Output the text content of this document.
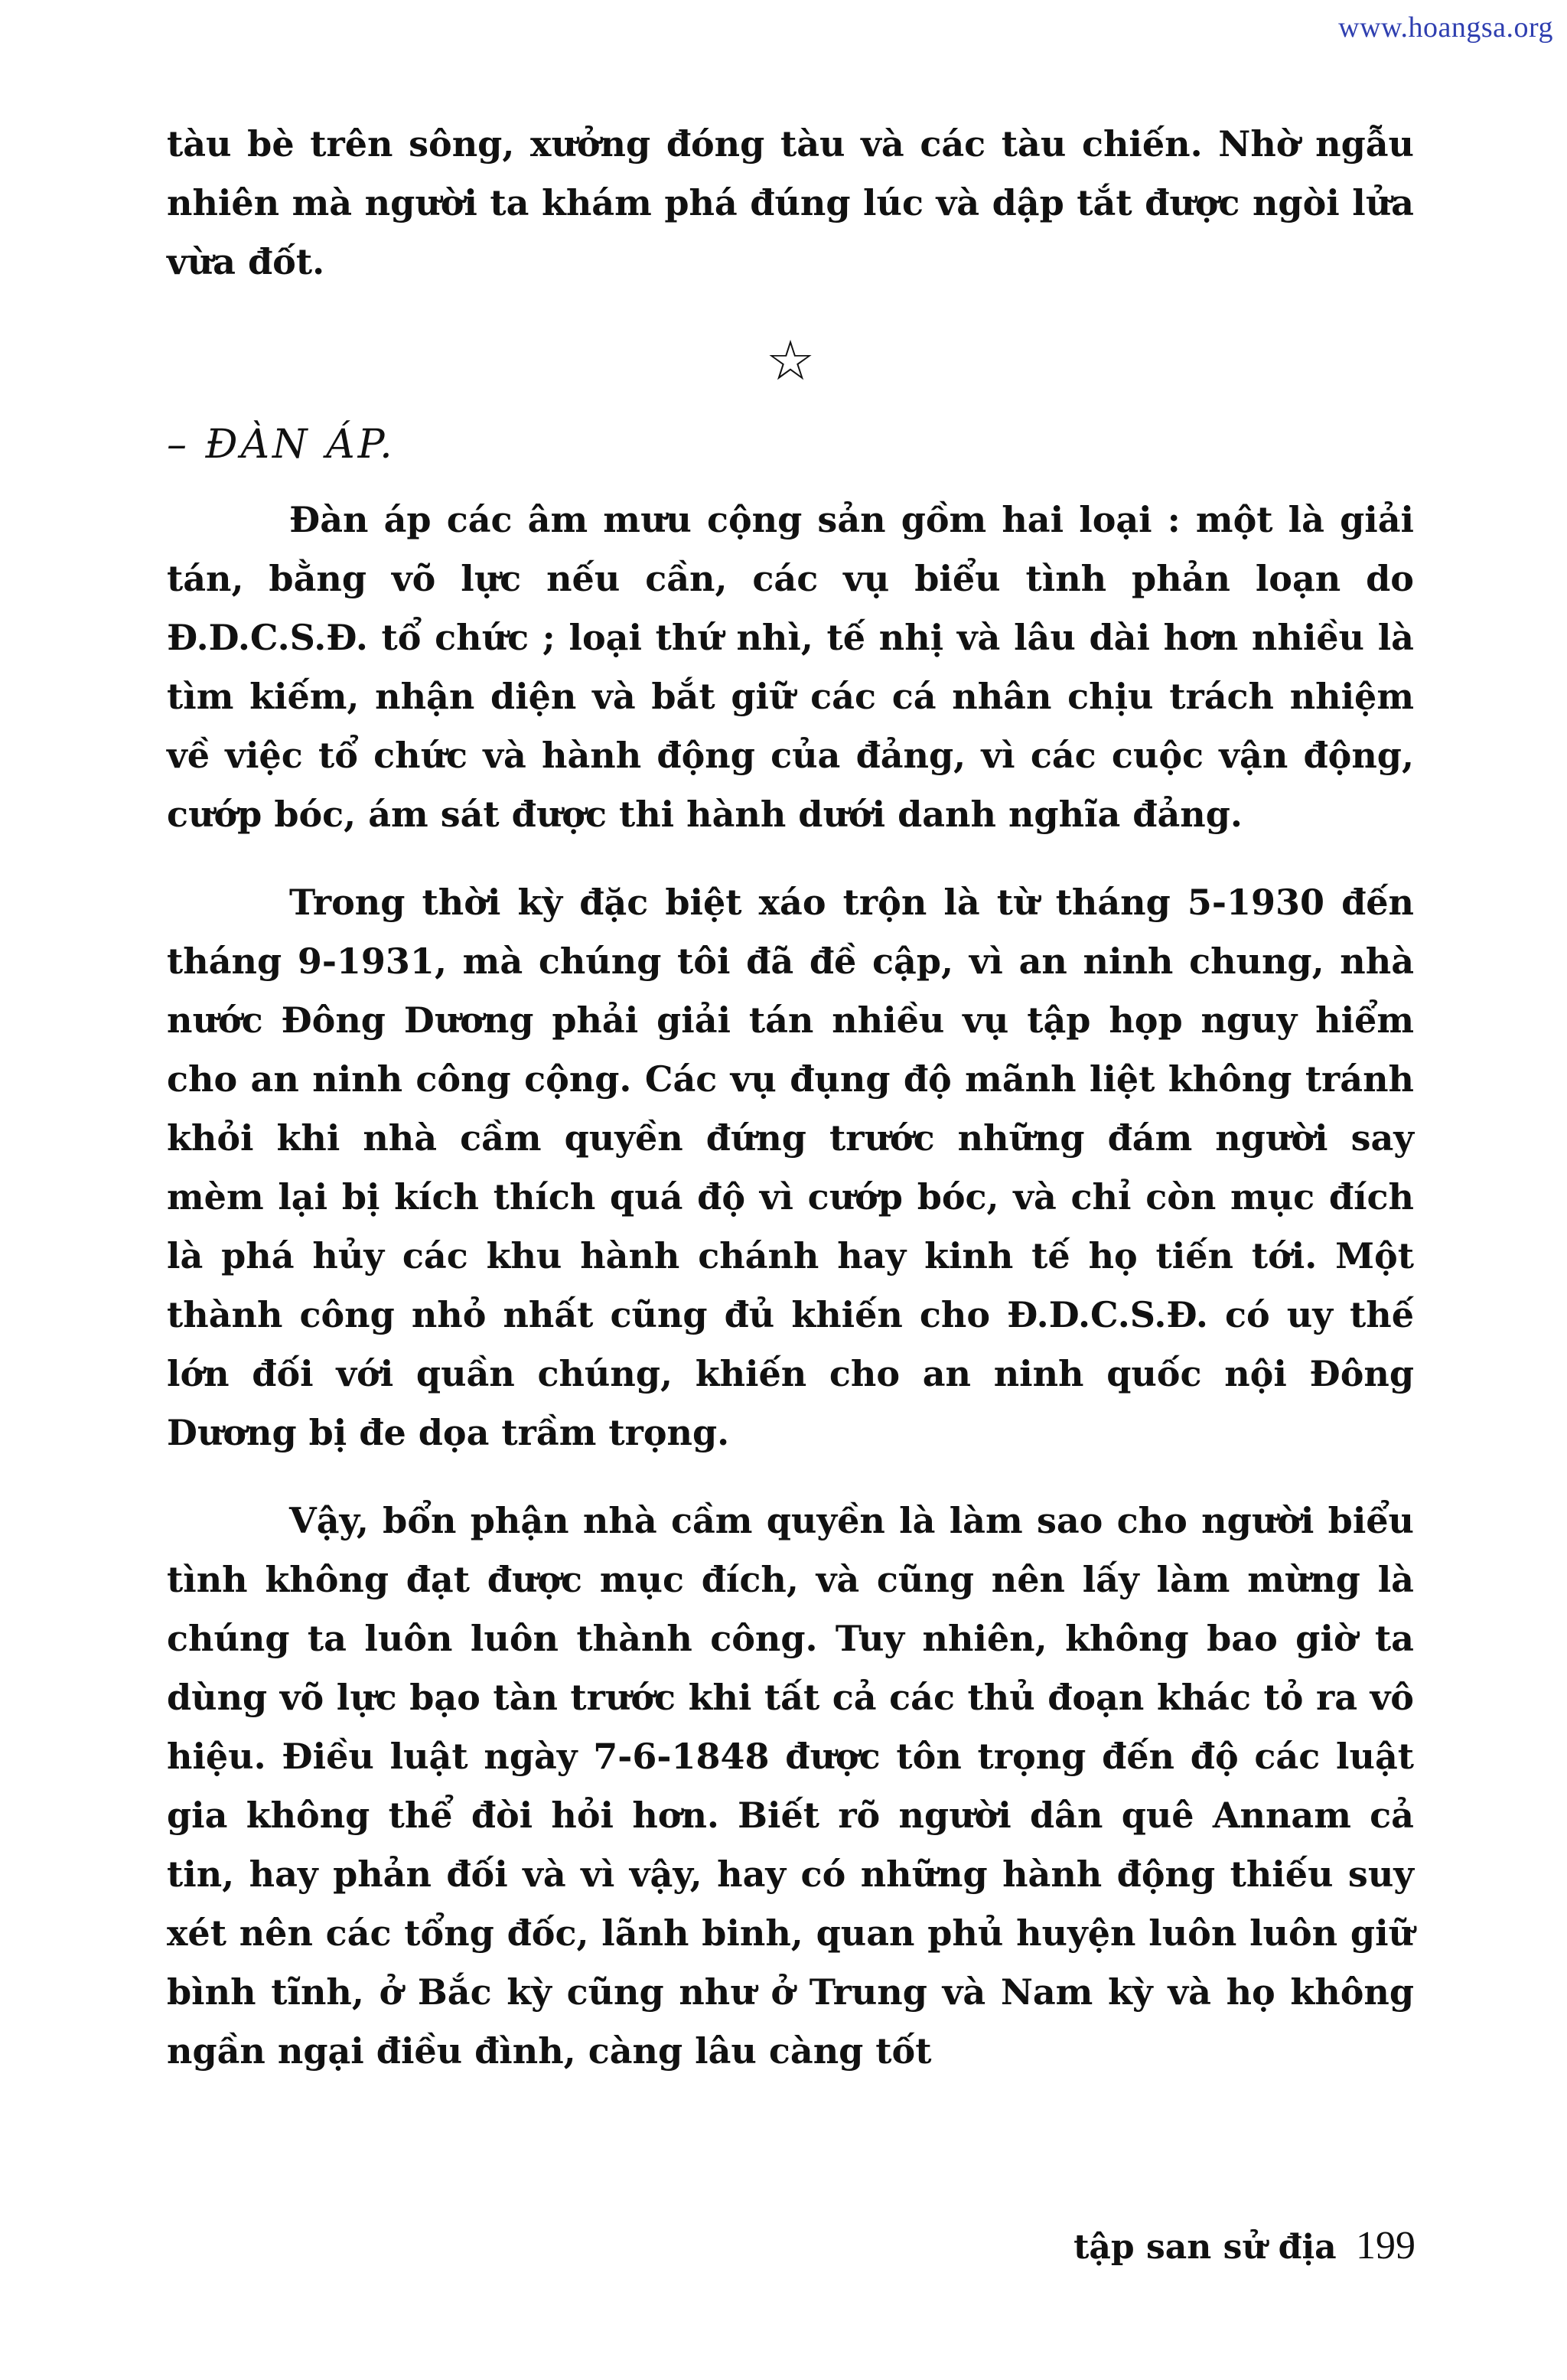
www.hoangsa.org

tàu bè trên sông, xưởng đóng tàu và các tàu chiến. Nhờ ngẫu nhiên mà người ta khám phá đúng lúc và dập tắt được ngòi lửa vừa đốt.

☆
– ĐÀN ÁP.

Đàn áp các âm mưu cộng sản gồm hai loại : một là giải tán, bằng võ lực nếu cần, các vụ biểu tình phản loạn do Đ.D.C.S.Đ. tổ chức ; loại thứ nhì, tế nhị và lâu dài hơn nhiều là tìm kiếm, nhận diện và bắt giữ các cá nhân chịu trách nhiệm về việc tổ chức và hành động của đảng, vì các cuộc vận động, cướp bóc, ám sát được thi hành dưới danh nghĩa đảng.

Trong thời kỳ đặc biệt xáo trộn là từ tháng 5-1930 đến tháng 9-1931, mà chúng tôi đã đề cập, vì an ninh chung, nhà nước Đông Dương phải giải tán nhiều vụ tập họp nguy hiểm cho an ninh công cộng. Các vụ đụng độ mãnh liệt không tránh khỏi khi nhà cầm quyền đứng trước những đám người say mèm lại bị kích thích quá độ vì cướp bóc, và chỉ còn mục đích là phá hủy các khu hành chánh hay kinh tế họ tiến tới. Một thành công nhỏ nhất cũng đủ khiến cho Đ.D.C.S.Đ. có uy thế lớn đối với quần chúng, khiến cho an ninh quốc nội Đông Dương bị đe dọa trầm trọng.

Vậy, bổn phận nhà cầm quyền là làm sao cho người biểu tình không đạt được mục đích, và cũng nên lấy làm mừng là chúng ta luôn luôn thành công. Tuy nhiên, không bao giờ ta dùng võ lực bạo tàn trước khi tất cả các thủ đoạn khác tỏ ra vô hiệu. Điều luật ngày 7-6-1848 được tôn trọng đến độ các luật gia không thể đòi hỏi hơn. Biết rõ người dân quê Annam cả tin, hay phản đối và vì vậy, hay có những hành động thiếu suy xét nên các tổng đốc, lãnh binh, quan phủ huyện luôn luôn giữ bình tĩnh, ở Bắc kỳ cũng như ở Trung và Nam kỳ và họ không ngần ngại điều đình, càng lâu càng tốt

tập san sử địa 199
